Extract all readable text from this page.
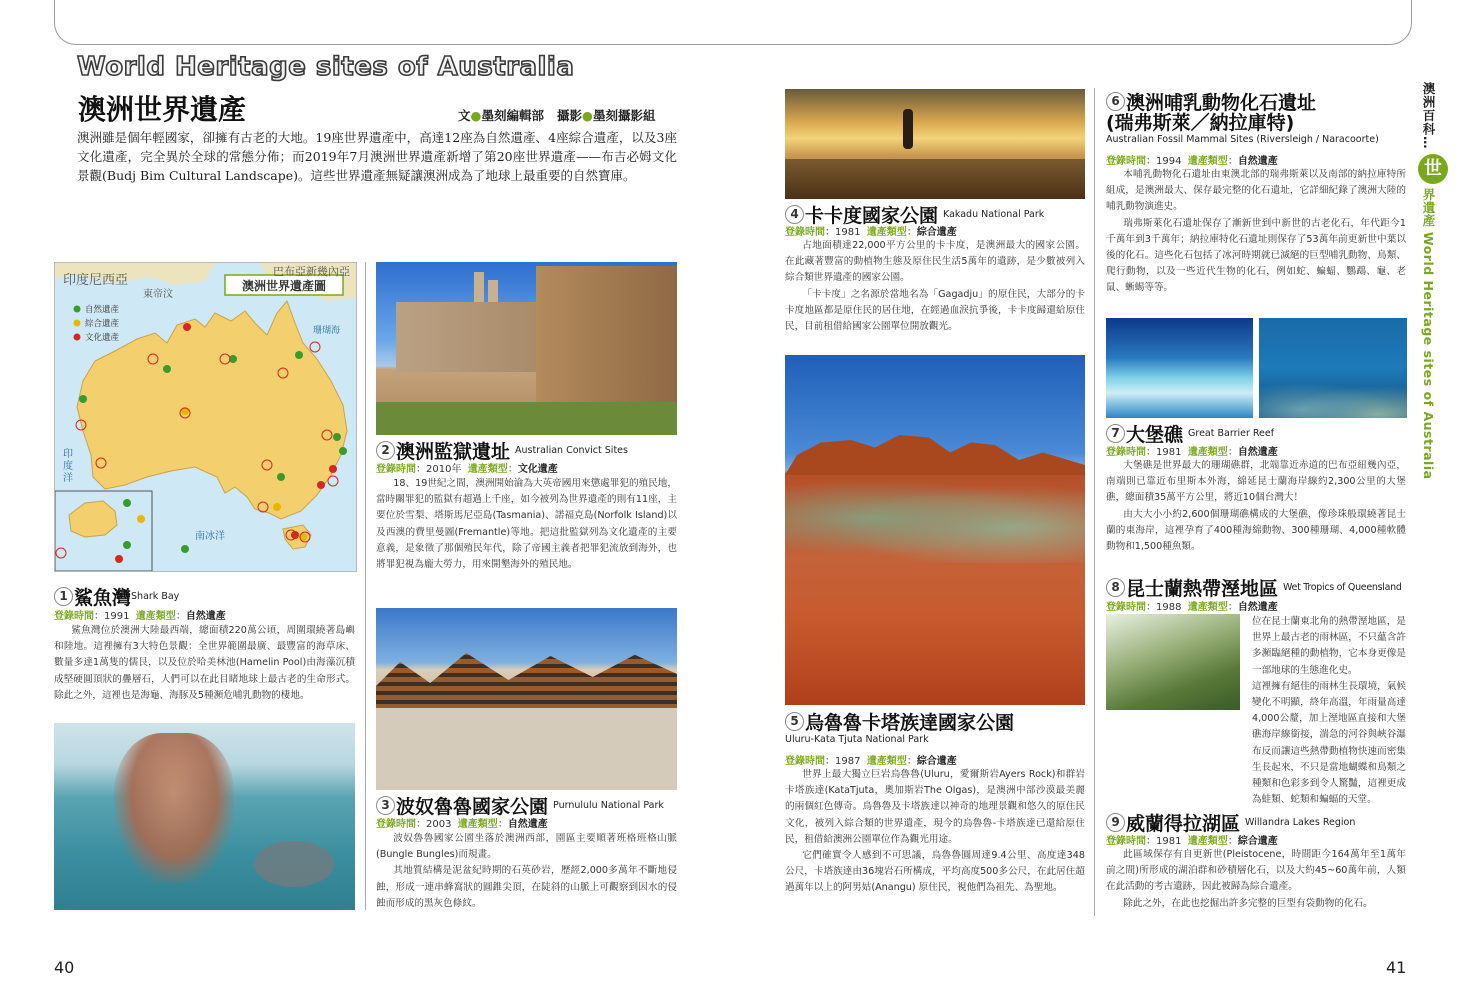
World Heritage sites of Australia
澳洲世界遺產	文●墨刻編輯部 攝影●墨刻攝影組
澳洲雖是個年輕國家，卻擁有古老的大地。19座世界遺產中，高達12座為自然遺產、4座綜合遺產，以及3座文化遺產，完全異於全球的常態分佈；而2019年7月澳洲世界遺產新增了第20座世界遺產——布吉必姆文化景觀(Budj Bim Cultural Landscape)。這些世界遺產無疑讓澳洲成為了地球上最重要的自然寶庫。
印度尼西亞
東帝汶
巴布亞新幾內亞
澳洲世界遺產圖
自然遺產
綜合遺產
文化遺產
珊瑚海
印度洋
南冰洋
1 鯊魚灣Shark Bay
登錄時間：1991 遺產類型：自然遺產

鯊魚灣位於澳洲大陸最西端，總面積220萬公頃，周圍環繞著島嶼和陸地。這裡擁有3大特色景觀：全世界範圍最廣、最豐富的海草床、數量多達1萬隻的儒艮，以及位於哈美林池(Hamelin Pool)由海藻沉積成堅硬圓頂狀的疊層石，人們可以在此目睹地球上最古老的生命形式。除此之外，這裡也是海龜、海豚及5種瀕危哺乳動物的棲地。

2 澳洲監獄遺址 Australian Convict Sites
登錄時間：2010年 遺產類型：文化遺產

18、19世紀之間，澳洲開始淪為大英帝國用來懲處罪犯的殖民地，當時關罪犯的監獄有超過上千座，如今被列為世界遺產的則有11座，主要位於雪梨、塔斯馬尼亞島(Tasmania)、諾福克島(Norfolk Island)以及西澳的費里曼圖(Fremantle)等地。把這批監獄列為文化遺產的主要意義，是象徵了那個殖民年代，除了帝國主義者把罪犯流放到海外，也將罪犯視為龐大勞力，用來開墾海外的殖民地。

3 波奴魯魯國家公園 Purnululu National Park
登錄時間：2003 遺產類型：自然遺產

波奴魯魯國家公園坐落於澳洲西部，園區主要順著班格班格山脈(Bungle Bungles)而規畫。

其地質結構是泥盆紀時期的石英砂岩，歷經2,000多萬年不斷地侵蝕，形成一連串蜂窩狀的圓錐尖頂，在陡斜的山脈上可觀察到因水的侵蝕而形成的黑灰色條紋。

4 卡卡度國家公園 Kakadu National Park
登錄時間：1981 遺產類型：綜合遺產

占地面積達22,000平方公里的卡卡度，是澳洲最大的國家公園。在此藏著豐富的動植物生態及原住民生活5萬年的遺跡，是少數被列入綜合類世界遺產的國家公園。

「卡卡度」之名源於當地名為「Gagadju」的原住民，大部分的卡卡度地區都是原住民的居住地，在經過血淚抗爭後，卡卡度歸還給原住民，目前租借給國家公園單位開放觀光。

5 烏魯魯卡塔族達國家公園
Uluru-Kata Tjuta National Park
登錄時間：1987 遺產類型：綜合遺產

世界上最大獨立巨岩烏魯魯(Uluru，愛爾斯岩Ayers Rock)和群岩卡塔族達(KataTjuta，奧加斯岩The Olgas)，是澳洲中部沙漠最美麗的兩個紅色傳奇。烏魯魯及卡塔族達以神奇的地理景觀和悠久的原住民文化，被列入綜合類的世界遺產，現今的烏魯魯-卡塔族達已還給原住民，租借給澳洲公園單位作為觀光用途。

它們確實令人感到不可思議，烏魯魯圓周達9.4公里、高度達348公尺，卡塔族達由36塊岩石所構成，平均高度500多公尺，在此居住超過萬年以上的阿男姑(Anangu) 原住民，視他們為祖先、為聖地。

6 澳洲哺乳動物化石遺址
(瑞弗斯萊／納拉庫特)
Australian Fossil Mammal Sites (Riversleigh / Naracoorte)
登錄時間：1994 遺產類型：自然遺產

本哺乳動物化石遺址由東澳北部的瑞弗斯萊以及南部的納拉庫特所組成，是澳洲最大、保存最完整的化石遺址，它詳細紀錄了澳洲大陸的哺乳動物演進史。

瑞弗斯萊化石遺址保存了漸新世到中新世的古老化石，年代距今1千萬年到3千萬年；納拉庫特化石遺址則保存了53萬年前更新世中葉以後的化石。這些化石包括了冰河時期就已滅絕的巨型哺乳動物、鳥類、爬行動物，以及一些近代生物的化石，例如蛇、蝙蝠、鸚鵡、龜、老鼠、蜥蜴等等。

7 大堡礁 Great Barrier Reef
登錄時間：1981 遺產類型：自然遺產

大堡礁是世界最大的珊瑚礁群，北端靠近赤道的巴布亞紐幾內亞，南端則已靠近布里斯本外海，綿延昆士蘭海岸線約2,300公里的大堡礁，總面積35萬平方公里，將近10個台灣大！

由大大小小約2,600個珊瑚礁構成的大堡礁，像珍珠般環繞著昆士蘭的東海岸，這裡孕育了400種海綿動物、300種珊瑚、4,000種軟體動物和1,500種魚類。

8 昆士蘭熱帶溼地區 Wet Tropics of Queensland
登錄時間：1988 遺產類型：自然遺產

位在昆士蘭東北角的熱帶溼地區，是世界上最古老的雨林區，不只蘊含許多瀕臨絕種的動植物，它本身更像是一部地球的生態進化史。

這裡擁有絕佳的雨林生長環境，氣候變化不明顯，終年高溫，年雨量高達4,000公釐，加上溼地區直接和大堡礁海岸線銜接，湍急的河谷與峽谷瀑布反而讓這些熱帶動植物快速而密集生長起來，不只是當地蝴蝶和鳥類之種類和色彩多到令人驚豔，這裡更成為蛙類、蛇類和蝙蝠的天堂。

9 威蘭得拉湖區 Willandra Lakes Region
登錄時間：1981 遺產類型：綜合遺產

此區域保存有自更新世(Pleistocene，時間距今164萬年至1萬年前之間)所形成的湖泊群和砂積層化石，以及大約45~60萬年前，人類在此活動的考古遺跡，因此被歸為綜合遺產。

除此之外，在此也挖掘出許多完整的巨型有袋動物的化石。

澳洲百科…
世
界遺產 World Heritage sites of Australia
40	41
